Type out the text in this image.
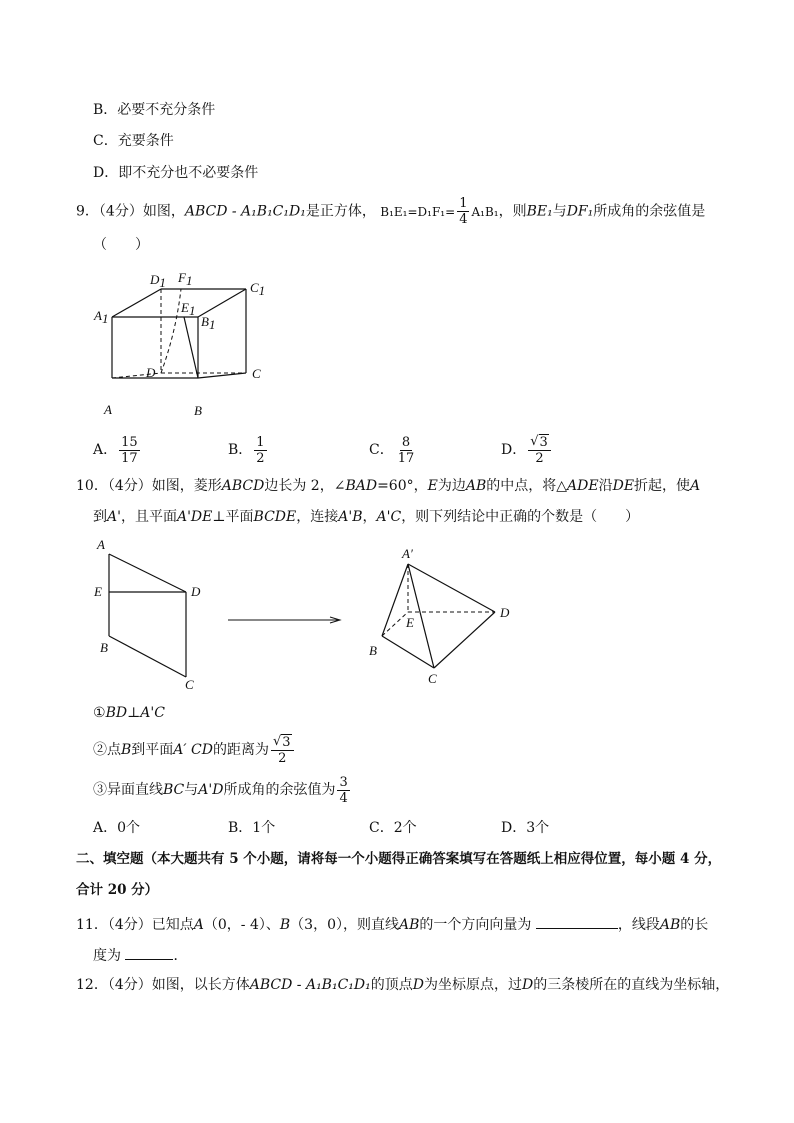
B．必要不充分条件
C．充要条件
D．即不充分也不必要条件
9．（4分）如图，ABCD - A₁B₁C₁D₁是正方体， $B_1E_1=D_1F_1= \frac{1}{4} A_1B_1$，则BE₁与DF₁所成角的余弦值是
（　　）
D1 F1	C1
A1
E1
B1
D	C
A	B
A． $\frac{15}{17}$	B． $\frac{1}{2}$	C． $\frac{8}{17}$	D． $\frac{√ 3}{2}$
10．（4分）如图，菱形ABCD边长为 2，∠BAD=60°，E为边AB的中点，将△ADE沿DE折起，使A
到A'，且平面A'DE⊥平面BCDE，连接A'B，A'C，则下列结论中正确的个数是（　　）
A
E	D
B
C
A′
E
D
B
C
①BD⊥A'C
②点B到平面A′ CD的距离为 $\frac{√ 3}{2}$
③异面直线BC与A'D所成角的余弦值为 $\frac{3}{4}$
A．0个	B．1个	C．2个	D．3个
二、填空题（本大题共有 5 个小题，请将每一个小题得正确答案填写在答题纸上相应得位置，每小题 4 分，
合计 20 分）
11．（4分）已知点A（0，- 4）、B（3，0），则直线AB的一个方向向量为	，线段AB的长
度为	．
12．（4分）如图，以长方体ABCD - A₁B₁C₁D₁的顶点D为坐标原点，过D的三条棱所在的直线为坐标轴，
